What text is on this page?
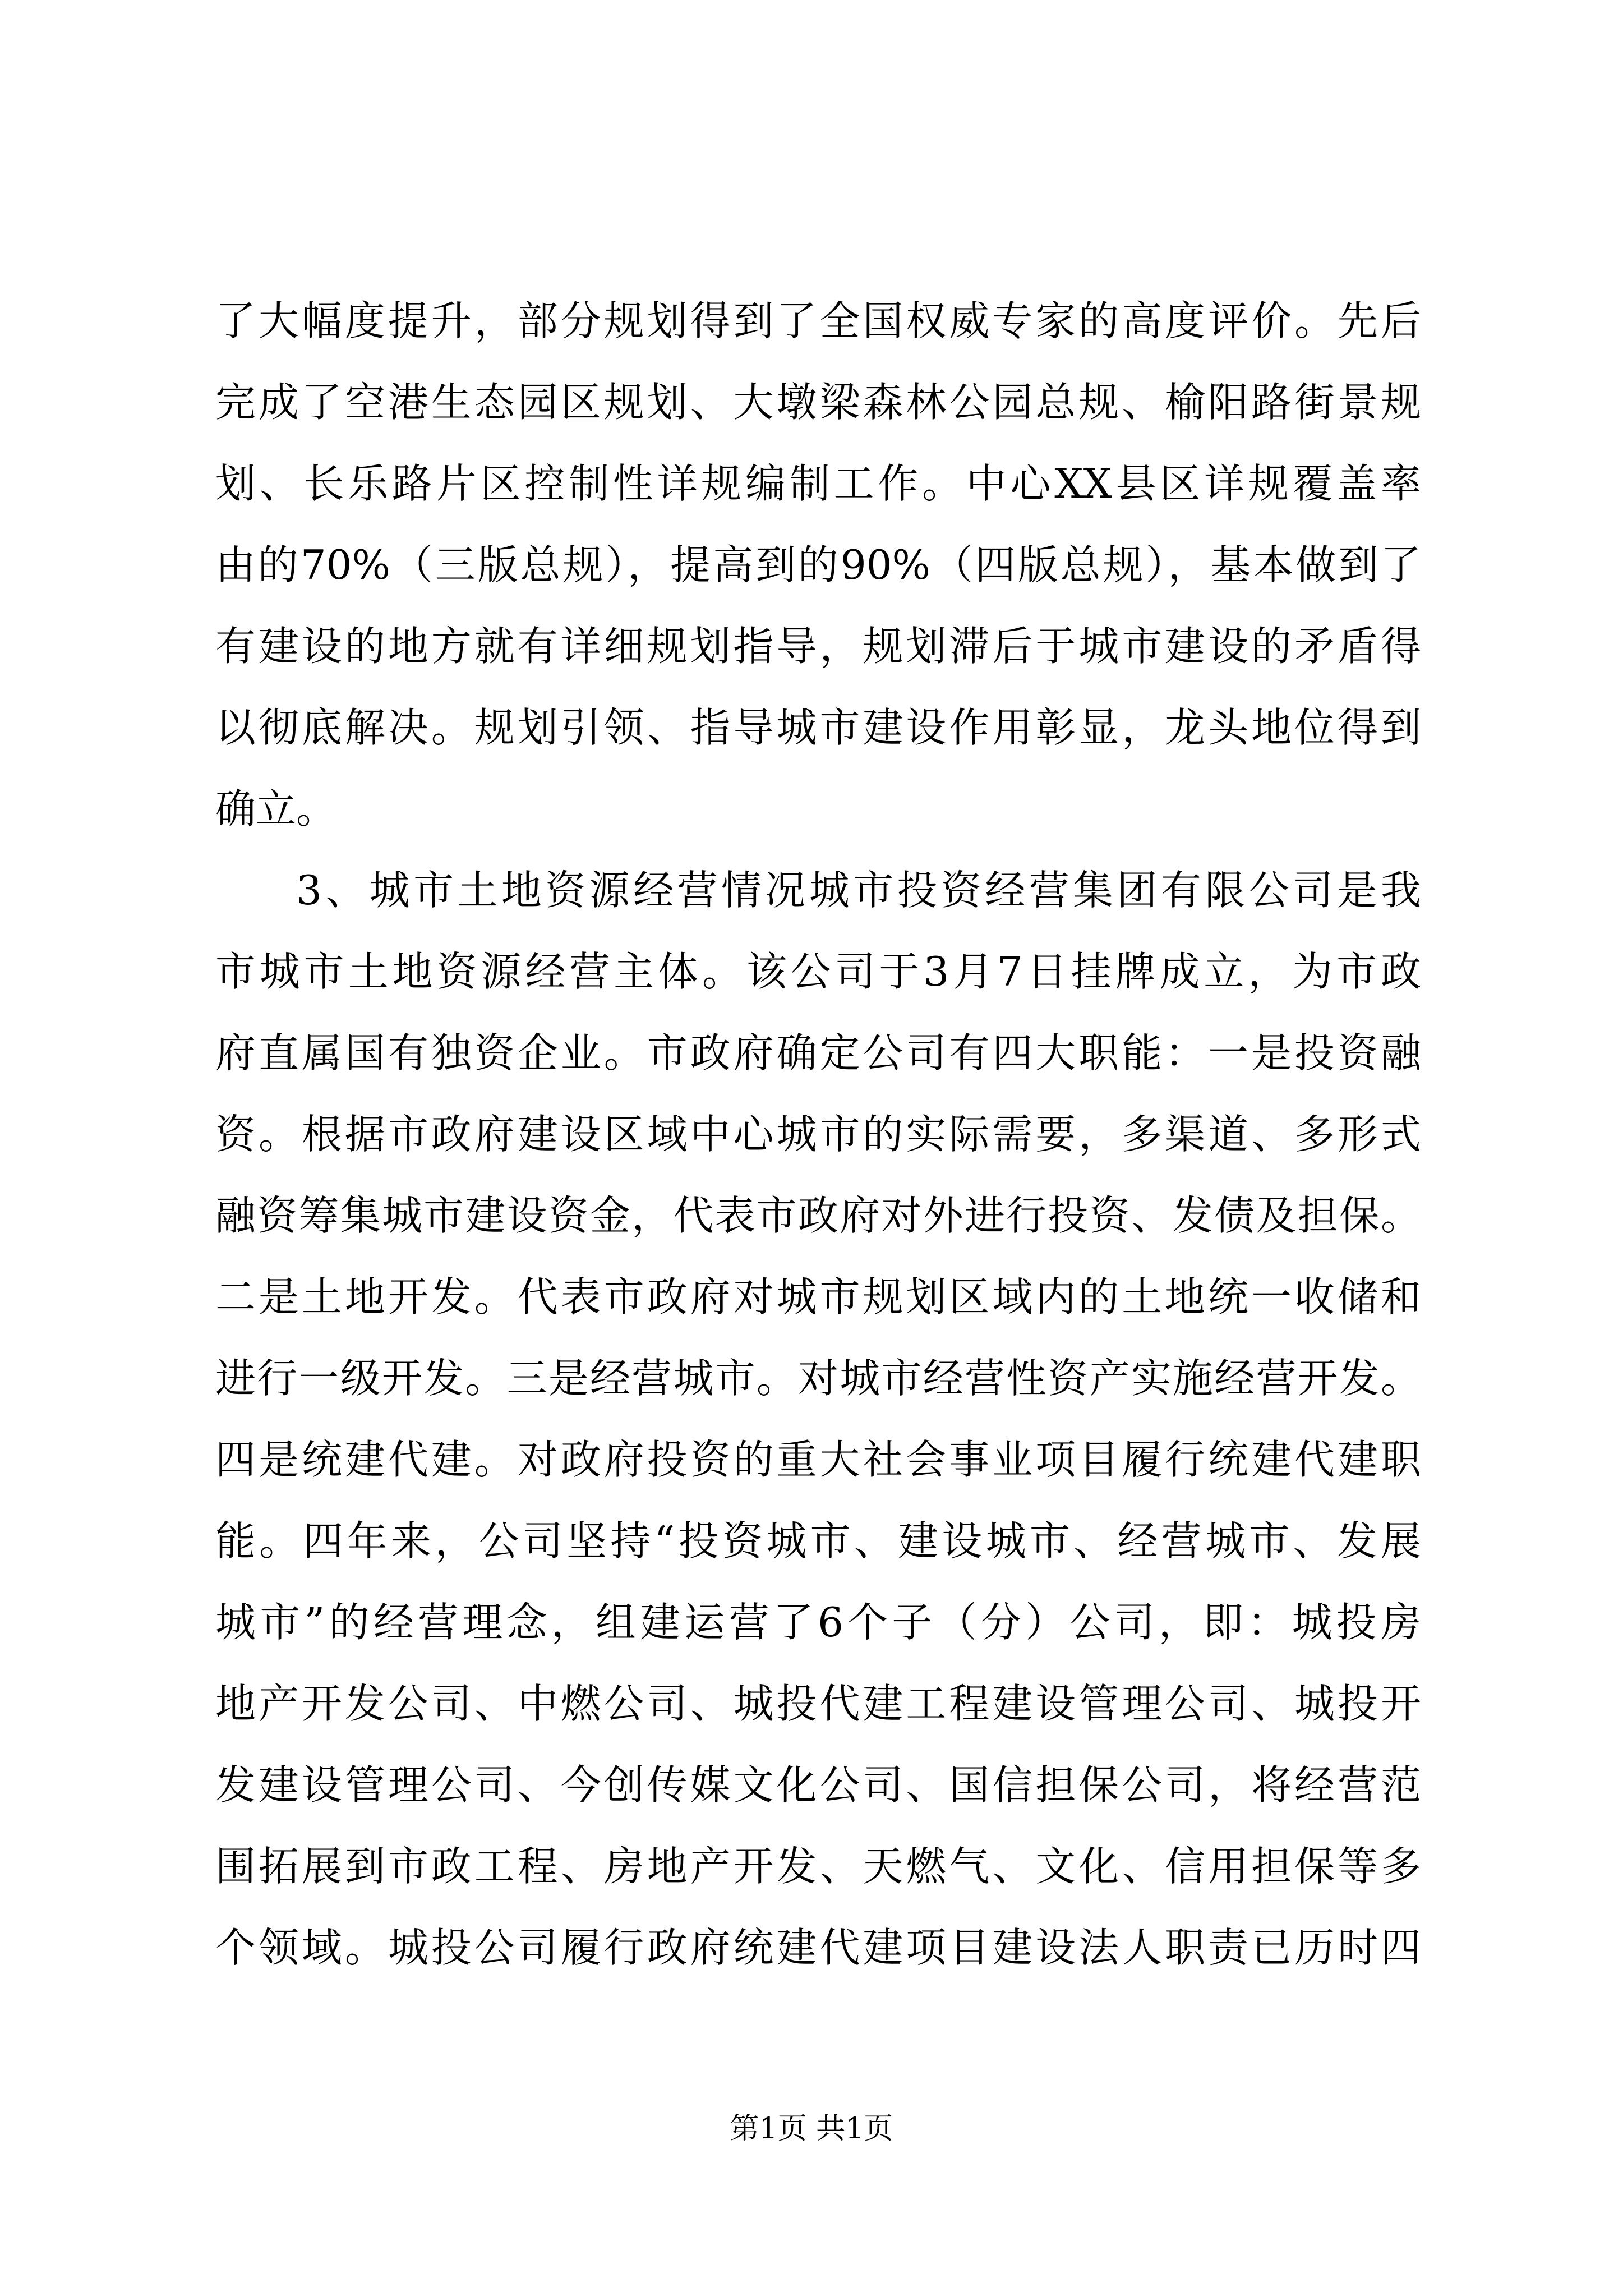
了大幅度提升，部分规划得到了全国权威专家的高度评价。先后
完成了空港生态园区规划、大墩梁森林公园总规、榆阳路街景规
划、长乐路片区控制性详规编制工作。中心XX县区详规覆盖率
由的70%（三版总规），提高到的90%（四版总规），基本做到了
有建设的地方就有详细规划指导，规划滞后于城市建设的矛盾得
以彻底解决。规划引领、指导城市建设作用彰显，龙头地位得到
确立。
3、城市土地资源经营情况城市投资经营集团有限公司是我
市城市土地资源经营主体。该公司于3月7日挂牌成立，为市政
府直属国有独资企业。市政府确定公司有四大职能：一是投资融
资。根据市政府建设区域中心城市的实际需要，多渠道、多形式
融资筹集城市建设资金，代表市政府对外进行投资、发债及担保。
二是土地开发。代表市政府对城市规划区域内的土地统一收储和
进行一级开发。三是经营城市。对城市经营性资产实施经营开发。
四是统建代建。对政府投资的重大社会事业项目履行统建代建职
能。四年来，公司坚持“投资城市、建设城市、经营城市、发展
城市”的经营理念，组建运营了6个子（分）公司，即：城投房
地产开发公司、中燃公司、城投代建工程建设管理公司、城投开
发建设管理公司、今创传媒文化公司、国信担保公司，将经营范
围拓展到市政工程、房地产开发、天燃气、文化、信用担保等多
个领域。城投公司履行政府统建代建项目建设法人职责已历时四
第1页 共1页
